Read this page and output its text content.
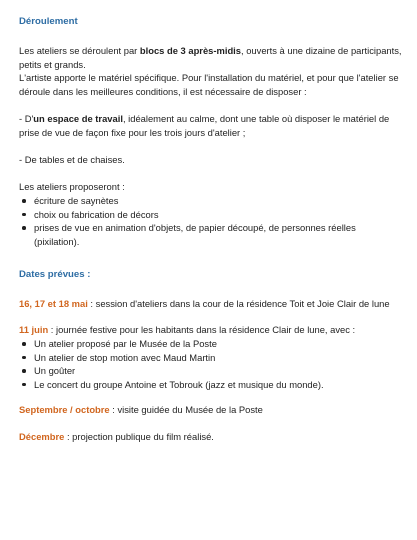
Déroulement

Les ateliers se déroulent par blocs de 3 après-midis, ouverts à une dizaine de participants, petits et grands.

L'artiste apporte le matériel spécifique. Pour l'installation du matériel, et pour que l'atelier se déroule dans les meilleures conditions, il est nécessaire de disposer :

- D'un espace de travail, idéalement au calme, dont une table où disposer le matériel de prise de vue de façon fixe pour les trois jours d'atelier ;

- De tables et de chaises.

Les ateliers proposeront :

écriture de saynètes
choix ou fabrication de décors
prises de vue en animation d'objets, de papier découpé, de personnes réelles (pixilation).
Dates prévues :

16, 17 et 18 mai : session d'ateliers dans la cour de la résidence Toit et Joie Clair de lune

11 juin : journée festive pour les habitants dans la résidence Clair de lune, avec :

Un atelier proposé par le Musée de la Poste
Un atelier de stop motion avec Maud Martin
Un goûter
Le concert du groupe Antoine et Tobrouk (jazz et musique du monde).

Septembre / octobre : visite guidée du Musée de la Poste

Décembre : projection publique du film réalisé.
